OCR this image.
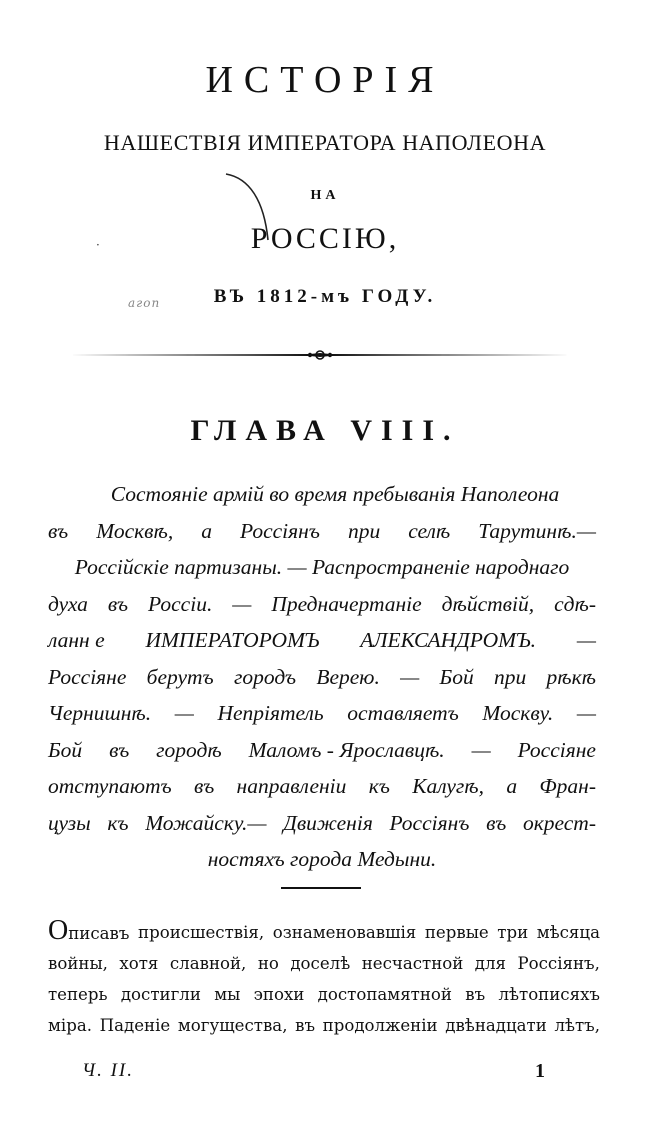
ИСТОРІЯ
НАШЕСТВІЯ ИМПЕРАТОРА НАПОЛЕОНА
НА
РОССІЮ,
ВЪ 1812-мъ ГОДУ.
агоп
·
ГЛАВА VIII.
Состоянiе армiй во время пребыванiя Наполеона
въ Москвѣ, а Россiянъ при селѣ Тарутинѣ.—
Россiйскiе партизаны. — Распространенiе народнаго
духа въ Россiи. — Предначертанiе дѣйствiй, сдѣ-
ланн е ИМПЕРАТОРОМЪ АЛЕКСАНДРОМЪ. —
Россiяне берутъ городъ Верею. — Бой при рѣкѣ
Чернишнѣ. — Непрiятель оставляетъ Москву. —
Бой въ городѣ Маломъ - Ярославцѣ. — Россiяне
отступаютъ въ направленiи къ Калугѣ, а Фран-
цузы къ Можайску.— Движенiя Россiянъ въ окрест-
ностяхъ города Медыни.
Описавъ происшествiя, ознаменовавшiя первые три мѣсяца
войны, хотя славной, но доселѣ несчастной для Россiянъ,
теперь достигли мы эпохи достопамятной въ лѣтописяхъ
мiра. Паденiе могущества, въ продолженiи двѣнадцати лѣтъ,
Ч. II.	1
